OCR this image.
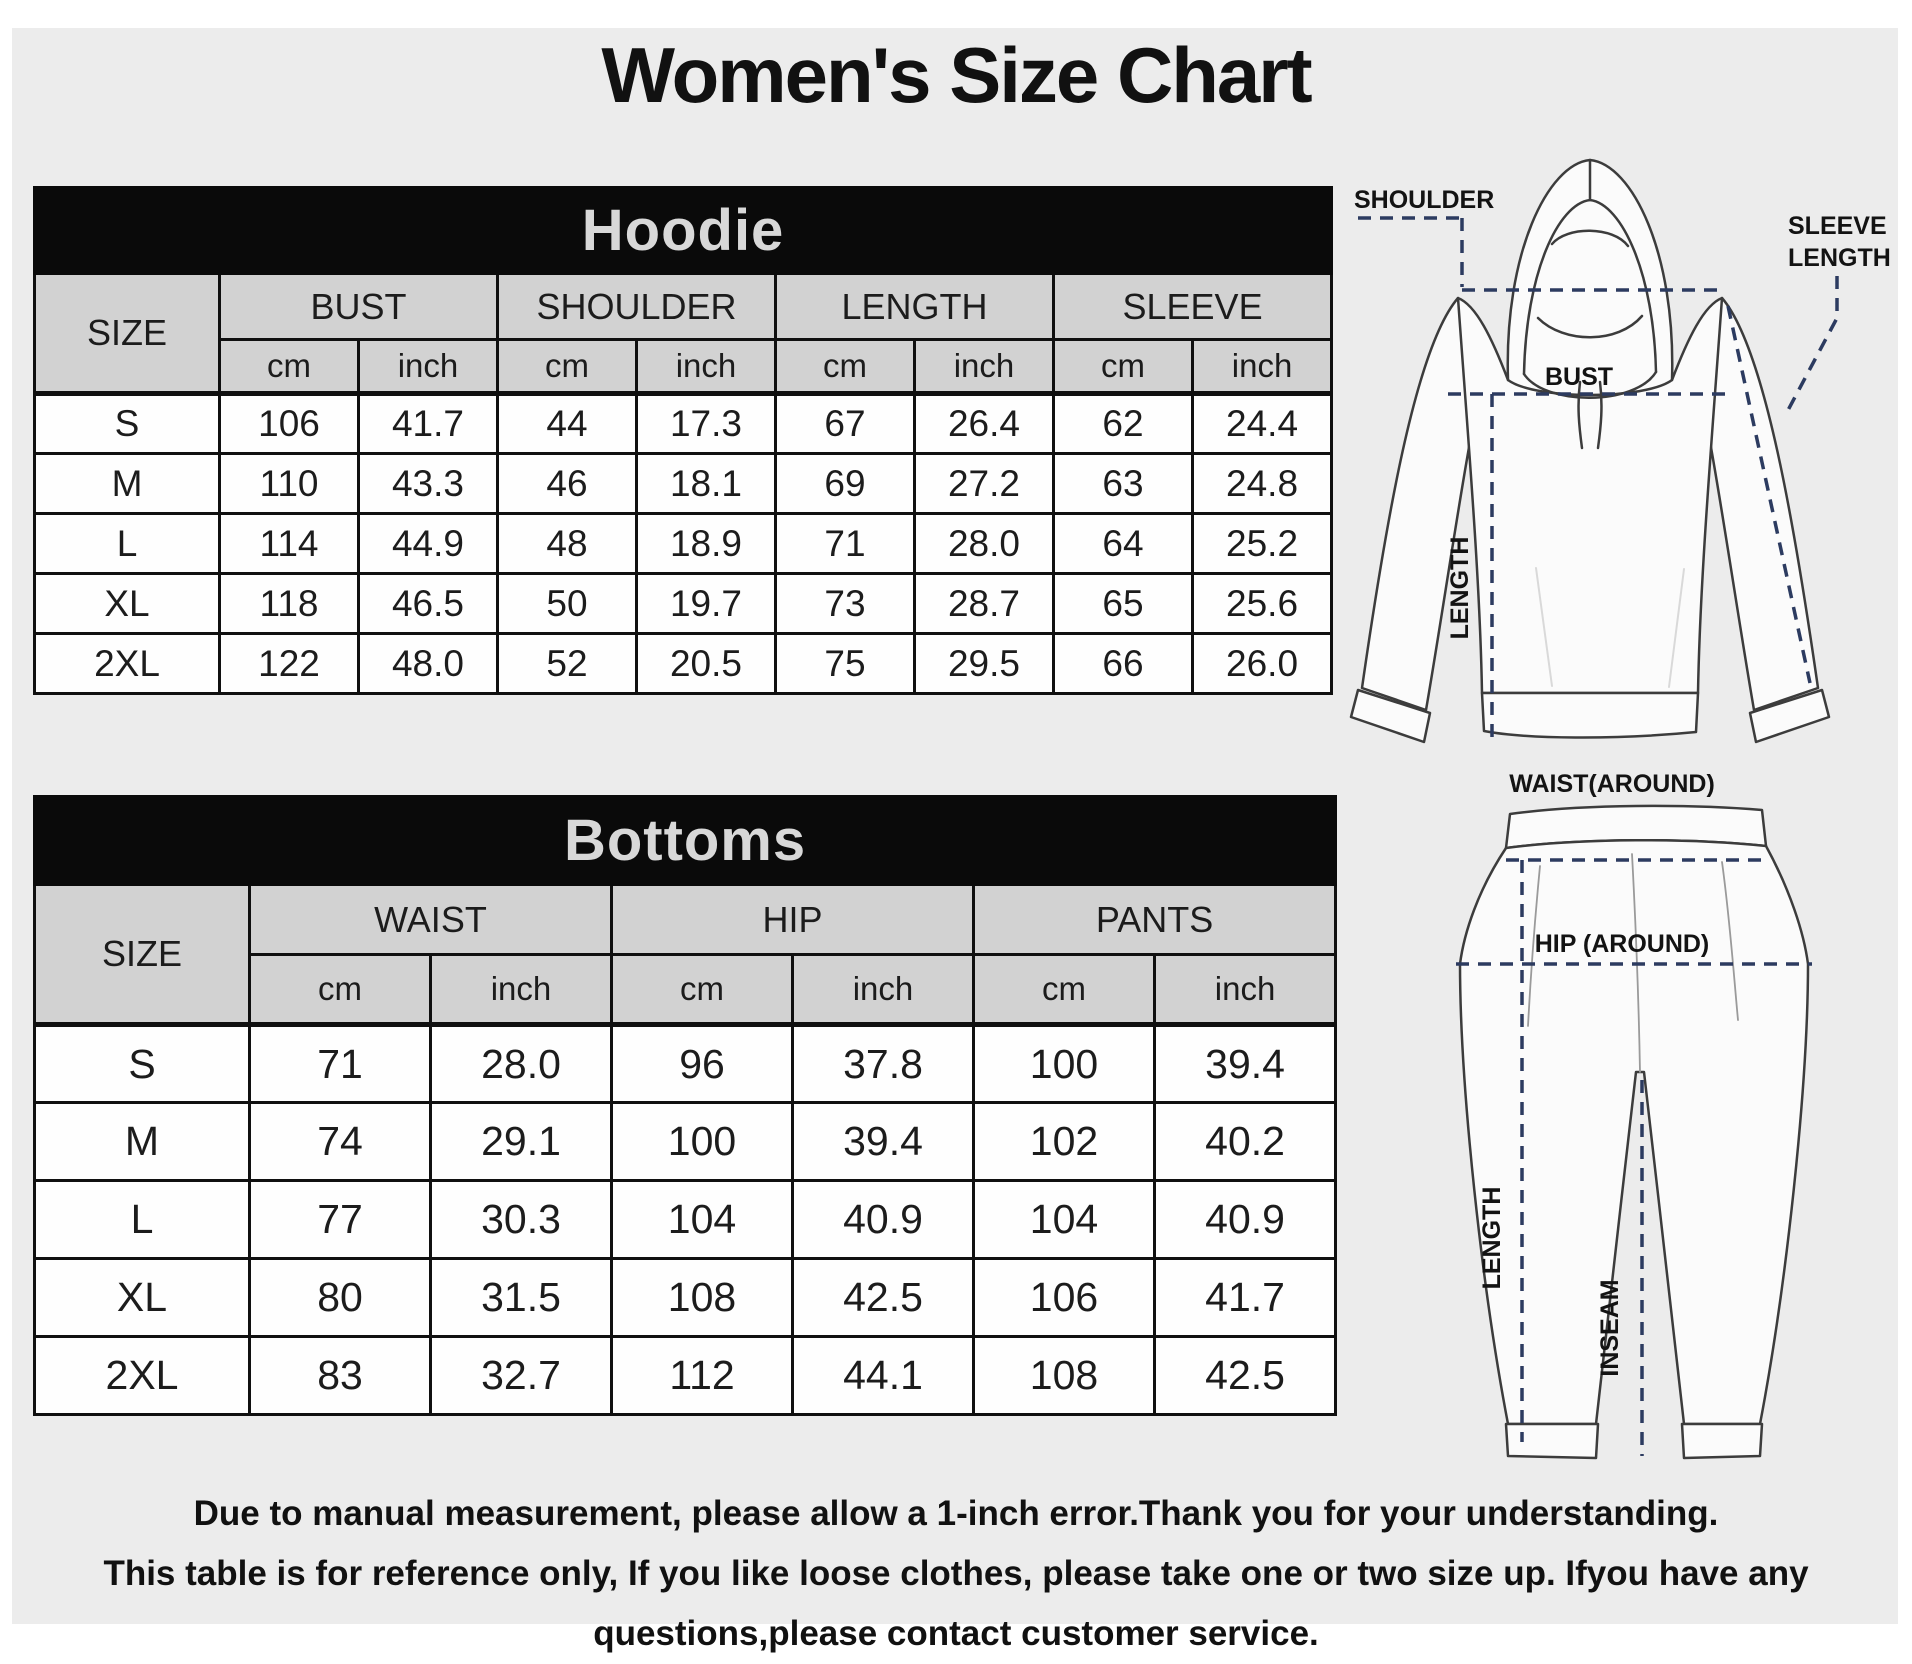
Women's Size Chart
Hoodie								
SIZE	BUST		SHOULDER		LENGTH		SLEEVE	
	cm	inch	cm	inch	cm	inch	cm	inch
S	106	41.7	44	17.3	67	26.4	62	24.4
M	110	43.3	46	18.1	69	27.2	63	24.8
L	114	44.9	48	18.9	71	28.0	64	25.2
XL	118	46.5	50	19.7	73	28.7	65	25.6
2XL	122	48.0	52	20.5	75	29.5	66	26.0
Bottoms						
SIZE	WAIST		HIP		PANTS	
	cm	inch	cm	inch	cm	inch
S	71	28.0	96	37.8	100	39.4
M	74	29.1	100	39.4	102	40.2
L	77	30.3	104	40.9	104	40.9
XL	80	31.5	108	42.5	106	41.7
2XL	83	32.7	112	44.1	108	42.5
SHOULDER
SLEEVE
LENGTH
BUST
LENGTH
WAIST(AROUND)
HIP (AROUND)
LENGTH
INSEAM
Due to manual measurement, please allow a 1-inch error.Thank you for your understanding.
This table is for reference only, If you like loose clothes, please take one or two size up. Ifyou have any
questions,please contact customer service.
